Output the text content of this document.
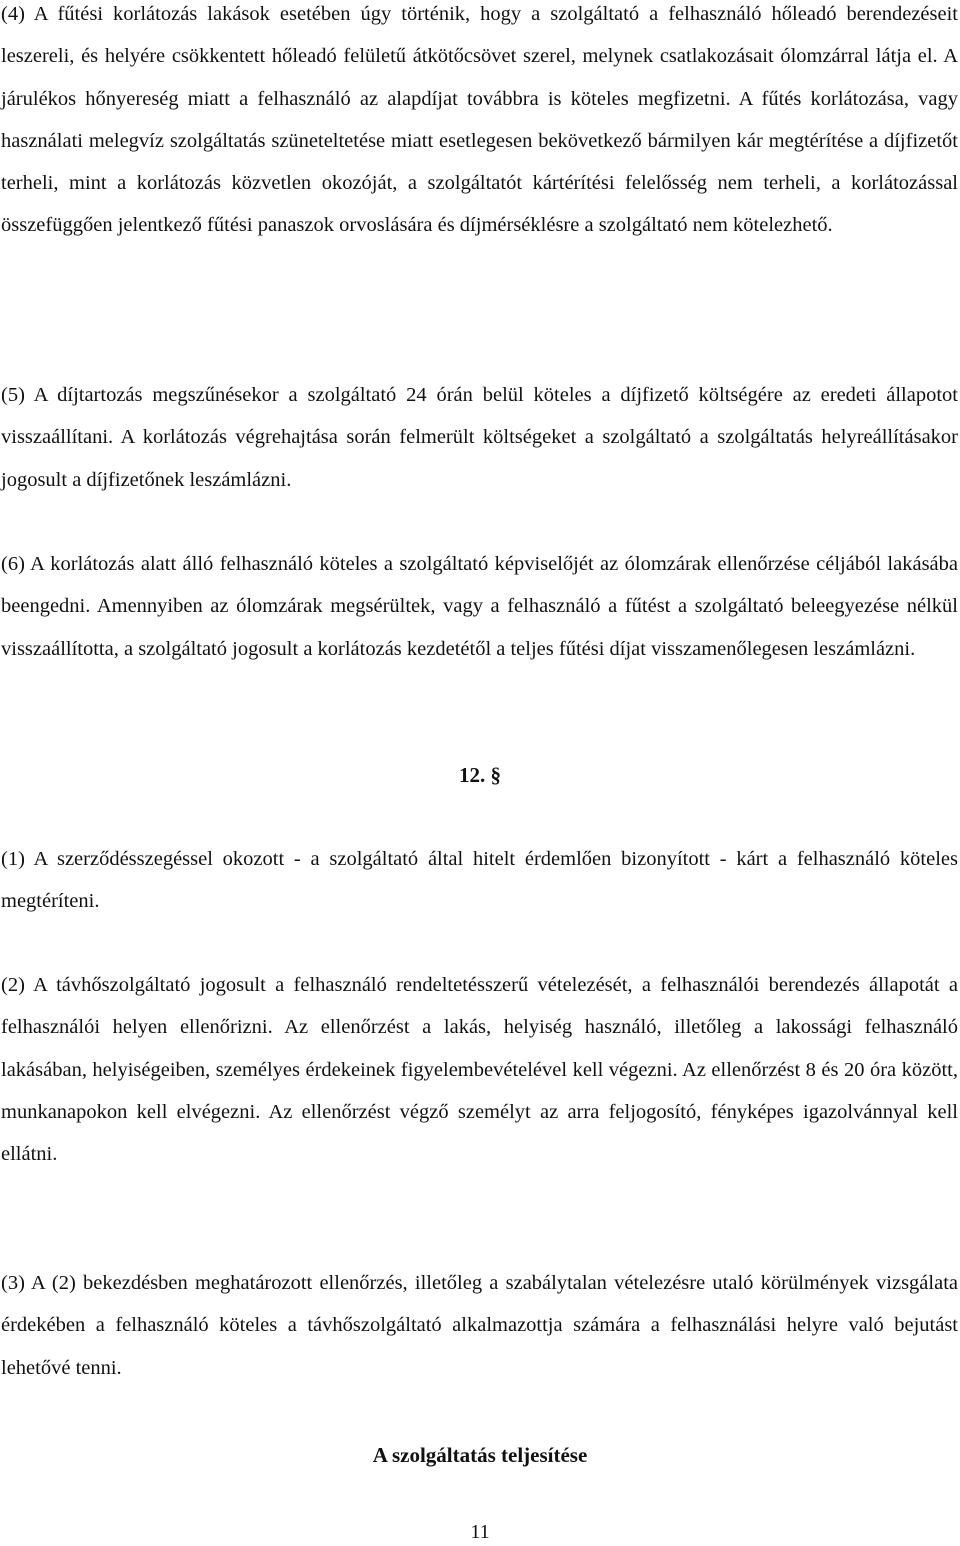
(4) A fűtési korlátozás lakások esetében úgy történik, hogy a szolgáltató a felhasználó hőleadó berendezéseit leszereli, és helyére csökkentett hőleadó felületű átkötőcsövet szerel, melynek csatlakozásait ólomzárral látja el. A járulékos hőnyereség miatt a felhasználó az alapdíjat továbbra is köteles megfizetni. A fűtés korlátozása, vagy használati melegvíz szolgáltatás szüneteltetése miatt esetlegesen bekövetkező bármilyen kár megtérítése a díjfizetőt terheli, mint a korlátozás közvetlen okozóját, a szolgáltatót kártérítési felelősség nem terheli, a korlátozással összefüggően jelentkező fűtési panaszok orvoslására és díjmérséklésre a szolgáltató nem kötelezhető.

(5) A díjtartozás megszűnésekor a szolgáltató 24 órán belül köteles a díjfizető költségére az eredeti állapotot visszaállítani. A korlátozás végrehajtása során felmerült költségeket a szolgáltató a szolgáltatás helyreállításakor jogosult a díjfizetőnek leszámlázni.

(6) A korlátozás alatt álló felhasználó köteles a szolgáltató képviselőjét az ólomzárak ellenőrzése céljából lakásába beengedni. Amennyiben az ólomzárak megsérültek, vagy a felhasználó a fűtést a szolgáltató beleegyezése nélkül visszaállította, a szolgáltató jogosult a korlátozás kezdetétől a teljes fűtési díjat visszamenőlegesen leszámlázni.

12. §

(1) A szerződésszegéssel okozott - a szolgáltató által hitelt érdemlően bizonyított - kárt a felhasználó köteles megtéríteni.

(2) A távhőszolgáltató jogosult a felhasználó rendeltetésszerű vételezését, a felhasználói berendezés állapotát a felhasználói helyen ellenőrizni. Az ellenőrzést a lakás, helyiség használó, illetőleg a lakossági felhasználó lakásában, helyiségeiben, személyes érdekeinek figyelembevételével kell végezni. Az ellenőrzést 8 és 20 óra között, munkanapokon kell elvégezni. Az ellenőrzést végző személyt az arra feljogosító, fényképes igazolvánnyal kell ellátni.

(3) A (2) bekezdésben meghatározott ellenőrzés, illetőleg a szabálytalan vételezésre utaló körülmények vizsgálata érdekében a felhasználó köteles a távhőszolgáltató alkalmazottja számára a felhasználási helyre való bejutást lehetővé tenni.

A szolgáltatás teljesítése
11
